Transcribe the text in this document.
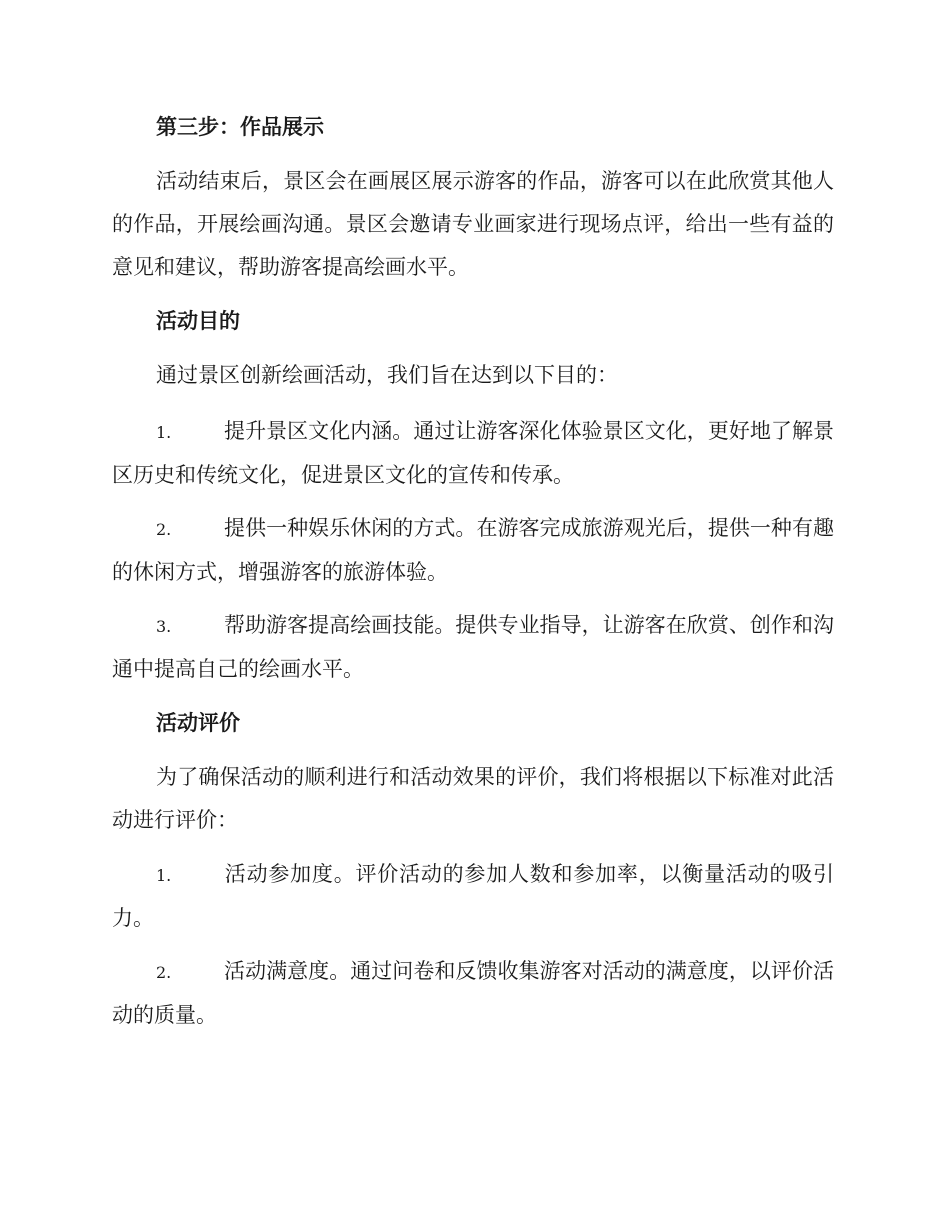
第三步：作品展示

活动结束后，景区会在画展区展示游客的作品，游客可以在此欣赏其他人的作品，开展绘画沟通。景区会邀请专业画家进行现场点评，给出一些有益的意见和建议，帮助游客提高绘画水平。

活动目的

通过景区创新绘画活动，我们旨在达到以下目的：

1.	提升景区文化内涵。通过让游客深化体验景区文化，更好地了解景区历史和传统文化，促进景区文化的宣传和传承。

2.	提供一种娱乐休闲的方式。在游客完成旅游观光后，提供一种有趣的休闲方式，增强游客的旅游体验。

3.	帮助游客提高绘画技能。提供专业指导，让游客在欣赏、创作和沟通中提高自己的绘画水平。

活动评价

为了确保活动的顺利进行和活动效果的评价，我们将根据以下标准对此活动进行评价：

1.	活动参加度。评价活动的参加人数和参加率，以衡量活动的吸引力。

2.	活动满意度。通过问卷和反馈收集游客对活动的满意度，以评价活动的质量。
